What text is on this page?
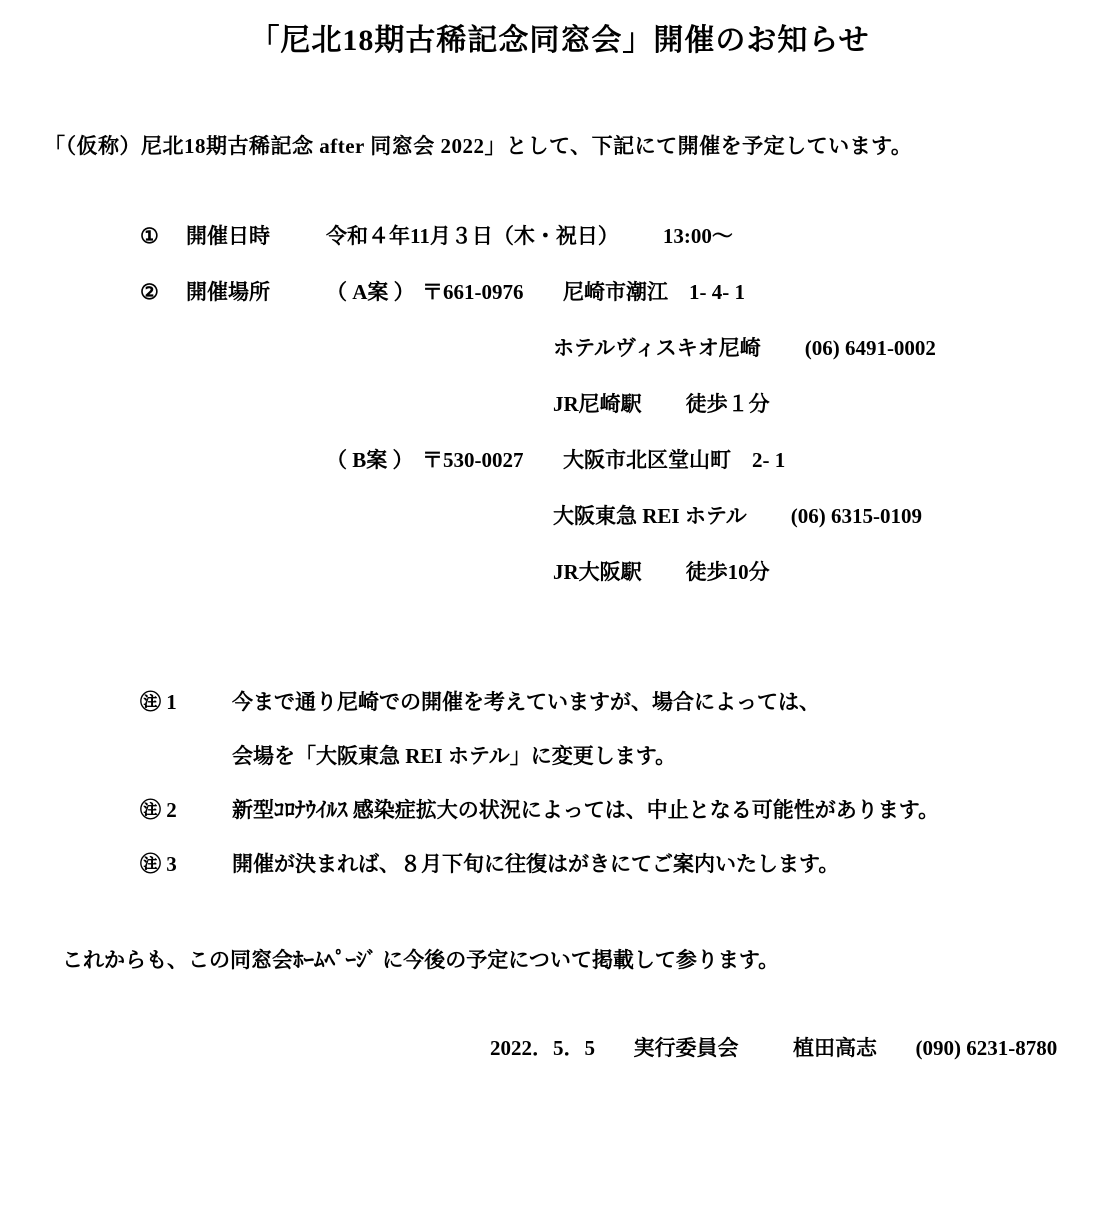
「尼北18期古稀記念同窓会」開催のお知らせ
「（仮称）尼北18期古稀記念 after 同窓会 2022」として、下記にて開催を予定しています。
①	開催日時	令和４年11月３日（木・祝日） 13:00〜
②	開催場所	（ A案 ） 〒661-0976	尼崎市潮江　1- 4- 1
ホテルヴィスキオ尼崎 (06) 6491-0002
JR尼崎駅 徒歩１分
（ B案 ） 〒530-0027	大阪市北区堂山町　2- 1
大阪東急 REI ホテル (06) 6315-0109
JR大阪駅 徒歩10分
㊟ 1	今まで通り尼崎での開催を考えていますが、場合によっては、
会場を「大阪東急 REI ホテル」に変更します。
㊟ 2	新型ｺﾛﾅｳｲﾙｽ 感染症拡大の状況によっては、中止となる可能性があります。
㊟ 3	開催が決まれば、８月下旬に往復はがきにてご案内いたします。
これからも、この同窓会ﾎｰﾑﾍﾟｰｼﾞ に今後の予定について掲載して参ります。
2022．5．5 実行委員会	植田高志 (090) 6231-8780
